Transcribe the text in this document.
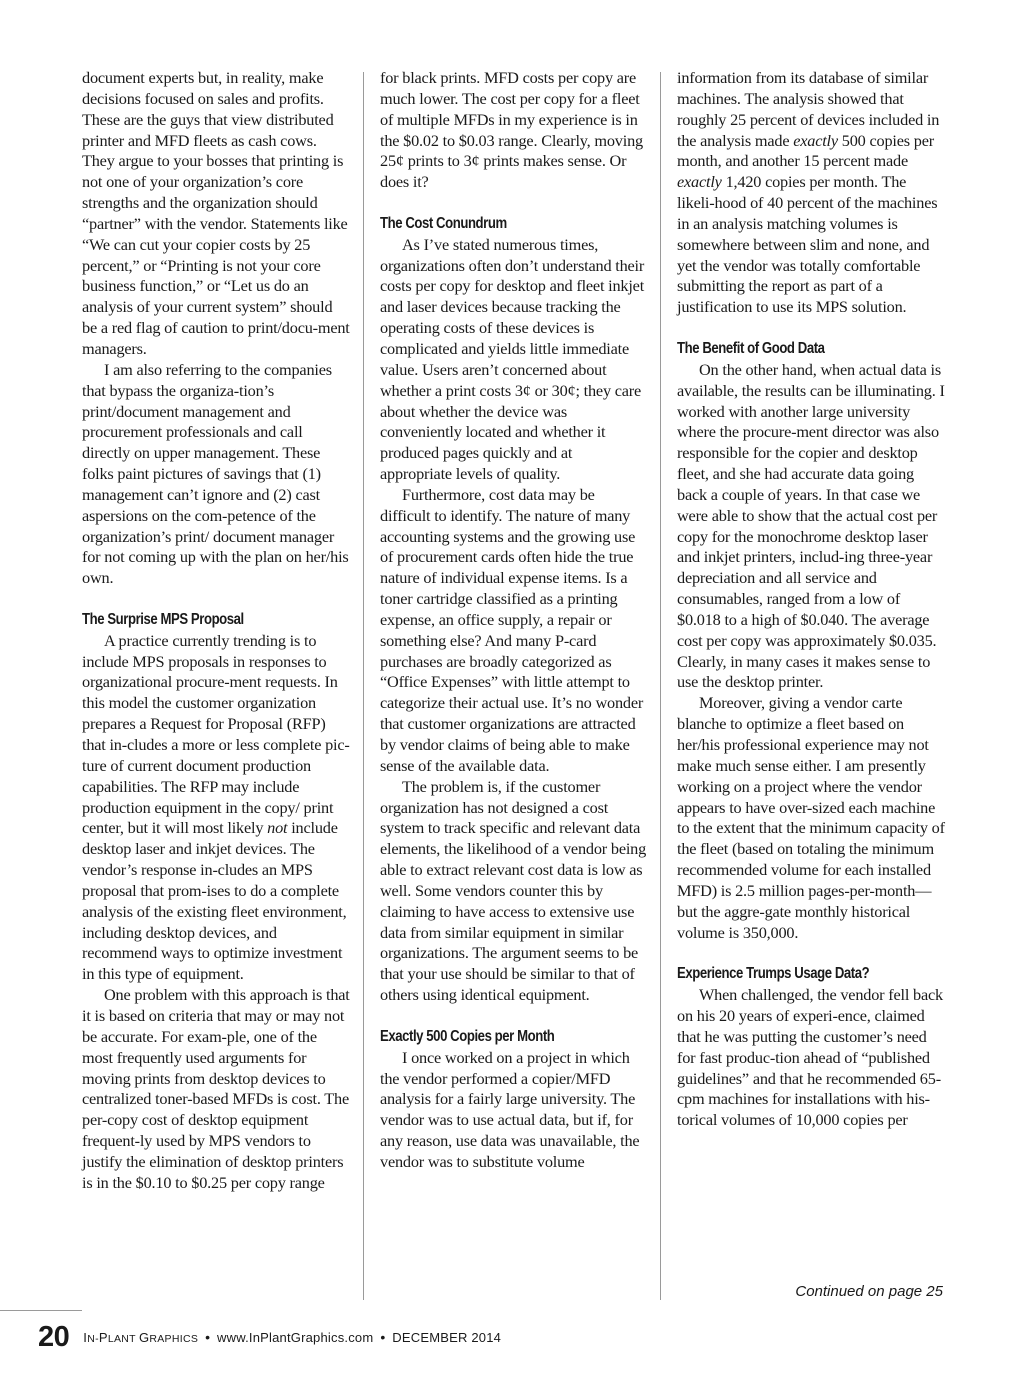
document experts but, in reality, make decisions focused on sales and profits. These are the guys that view distributed printer and MFD fleets as cash cows. They argue to your bosses that printing is not one of your organization’s core strengths and the organization should “partner” with the vendor. Statements like “We can cut your copier costs by 25 percent,” or “Printing is not your core business function,” or “Let us do an analysis of your current system” should be a red flag of caution to print/docu-ment managers.

I am also referring to the companies that bypass the organiza-tion’s print/document management and procurement professionals and call directly on upper management. These folks paint pictures of savings that (1) management can’t ignore and (2) cast aspersions on the com-petence of the organization’s print/ document manager for not coming up with the plan on her/his own.

The Surprise MPS Proposal

A practice currently trending is to include MPS proposals in responses to organizational procure-ment requests. In this model the customer organization prepares a Request for Proposal (RFP) that in-cludes a more or less complete pic-ture of current document production capabilities. The RFP may include production equipment in the copy/ print center, but it will most likely not include desktop laser and inkjet devices. The vendor’s response in-cludes an MPS proposal that prom-ises to do a complete analysis of the existing fleet environment, including desktop devices, and recommend ways to optimize investment in this type of equipment.

One problem with this approach is that it is based on criteria that may or may not be accurate. For exam-ple, one of the most frequently used arguments for moving prints from desktop devices to centralized toner-based MFDs is cost. The per-copy cost of desktop equipment frequent-ly used by MPS vendors to justify the elimination of desktop printers is in the $0.10 to $0.25 per copy range

for black prints. MFD costs per copy are much lower. The cost per copy for a fleet of multiple MFDs in my experience is in the $0.02 to $0.03 range. Clearly, moving 25¢ prints to 3¢ prints makes sense. Or does it?

The Cost Conundrum

As I’ve stated numerous times, organizations often don’t understand their costs per copy for desktop and fleet inkjet and laser devices because tracking the operating costs of these devices is complicated and yields little immediate value. Users aren’t concerned about whether a print costs 3¢ or 30¢; they care about whether the device was conveniently located and whether it produced pages quickly and at appropriate levels of quality.

Furthermore, cost data may be difficult to identify. The nature of many accounting systems and the growing use of procurement cards often hide the true nature of individual expense items. Is a toner cartridge classified as a printing expense, an office supply, a repair or something else? And many P-card purchases are broadly categorized as “Office Expenses” with little attempt to categorize their actual use. It’s no wonder that customer organizations are attracted by vendor claims of being able to make sense of the available data.

The problem is, if the customer organization has not designed a cost system to track specific and relevant data elements, the likelihood of a vendor being able to extract relevant cost data is low as well. Some vendors counter this by claiming to have access to extensive use data from similar equipment in similar organizations. The argument seems to be that your use should be similar to that of others using identical equipment.

Exactly 500 Copies per Month

I once worked on a project in which the vendor performed a copier/MFD analysis for a fairly large university. The vendor was to use actual data, but if, for any reason, use data was unavailable, the vendor was to substitute volume

information from its database of similar machines. The analysis showed that roughly 25 percent of devices included in the analysis made exactly 500 copies per month, and another 15 percent made exactly 1,420 copies per month. The likeli-hood of 40 percent of the machines in an analysis matching volumes is somewhere between slim and none, and yet the vendor was totally comfortable submitting the report as part of a justification to use its MPS solution.

The Benefit of Good Data

On the other hand, when actual data is available, the results can be illuminating. I worked with another large university where the procure-ment director was also responsible for the copier and desktop fleet, and she had accurate data going back a couple of years. In that case we were able to show that the actual cost per copy for the monochrome desktop laser and inkjet printers, includ-ing three-year depreciation and all service and consumables, ranged from a low of $0.018 to a high of $0.040. The average cost per copy was approximately $0.035. Clearly, in many cases it makes sense to use the desktop printer.

Moreover, giving a vendor carte blanche to optimize a fleet based on her/his professional experience may not make much sense either. I am presently working on a project where the vendor appears to have over-sized each machine to the extent that the minimum capacity of the fleet (based on totaling the minimum recommended volume for each installed MFD) is 2.5 million pages-per-month—but the aggre-gate monthly historical volume is 350,000.

Experience Trumps Usage Data?

When challenged, the vendor fell back on his 20 years of experi-ence, claimed that he was putting the customer’s need for fast produc-tion ahead of “published guidelines” and that he recommended 65-cpm machines for installations with his-torical volumes of 10,000 copies per

Continued on page 25
20 IN-PLANT GRAPHICS • www.InPlantGraphics.com • DECEMBER 2014
